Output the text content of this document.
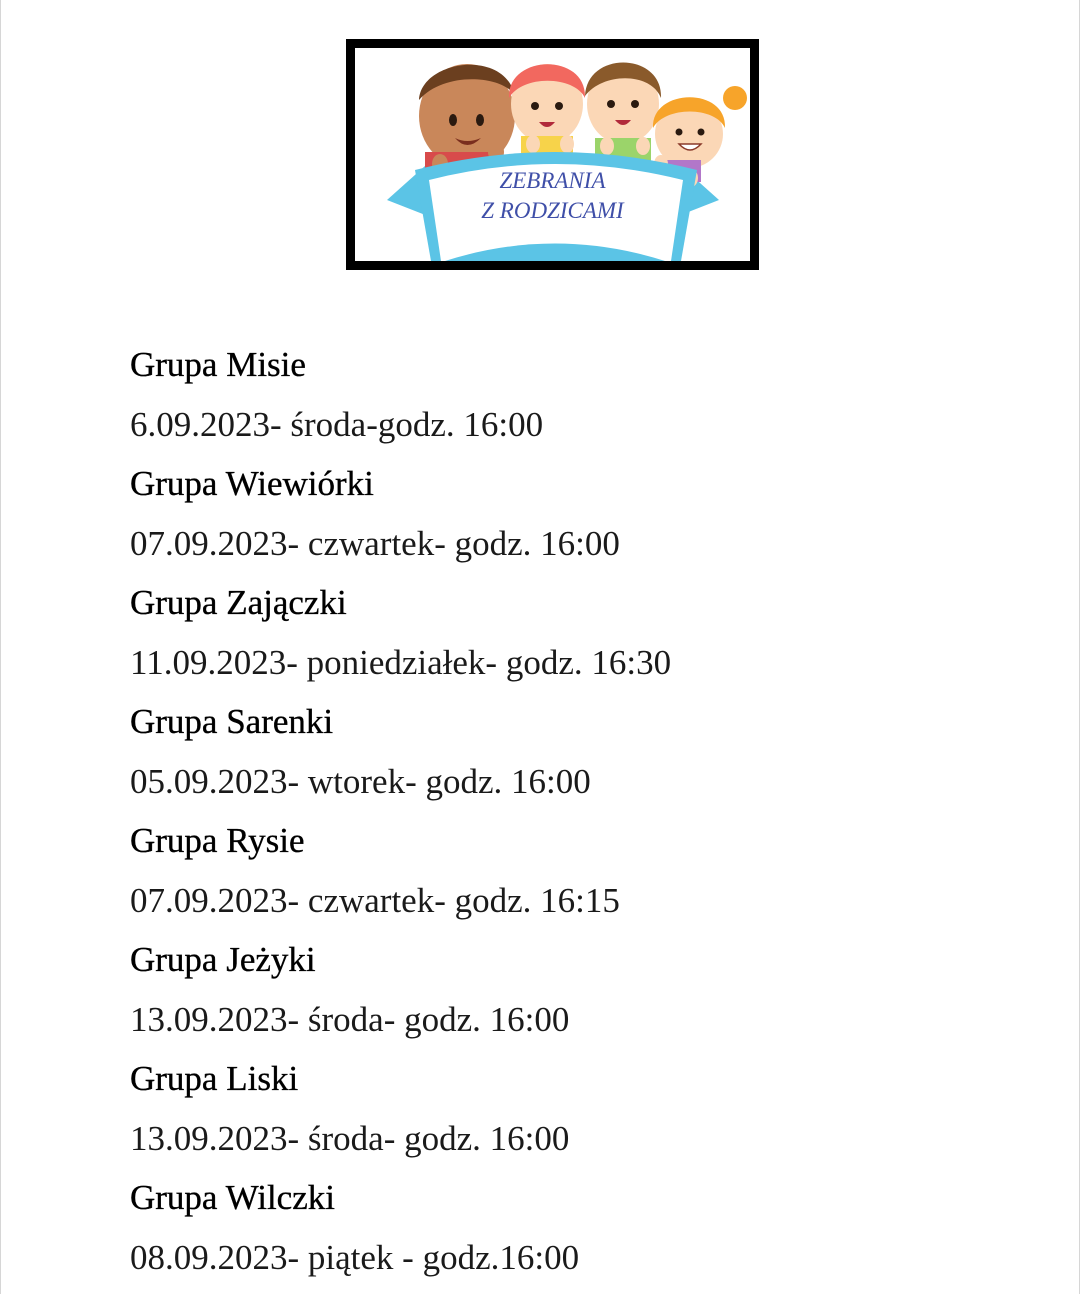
ZEBRANIA
Z RODZICAMI
Grupa Misie
6.09.2023- środa-godz. 16:00
Grupa Wiewiórki
07.09.2023- czwartek- godz. 16:00
Grupa Zajączki
11.09.2023- poniedziałek- godz. 16:30
Grupa Sarenki
05.09.2023- wtorek- godz. 16:00
Grupa Rysie
07.09.2023- czwartek- godz. 16:15
Grupa Jeżyki
13.09.2023- środa- godz. 16:00
Grupa Liski
13.09.2023- środa- godz. 16:00
Grupa Wilczki
08.09.2023- piątek - godz.16:00
